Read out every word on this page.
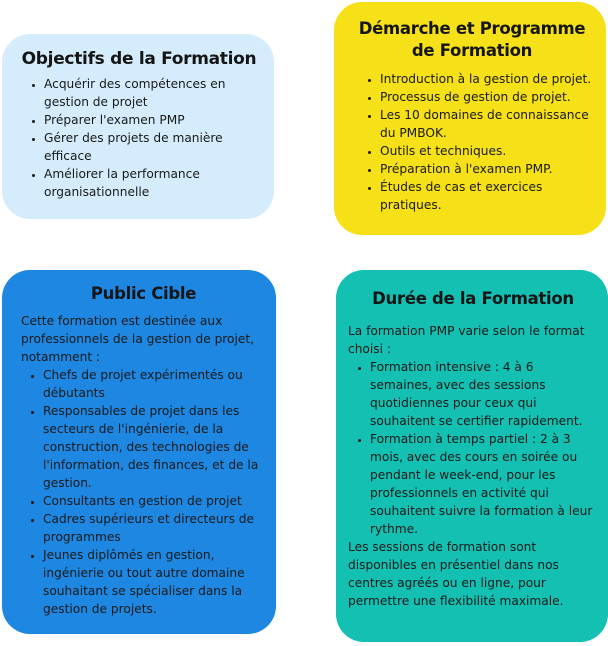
Objectifs de la Formation
• Acquérir des compétences en gestion de projet
• Préparer l'examen PMP
• Gérer des projets de manière efficace
• Améliorer la performance organisationnelle
Démarche et Programme de Formation
• Introduction à la gestion de projet.
• Processus de gestion de projet.
• Les 10 domaines de connaissance du PMBOK.
• Outils et techniques.
• Préparation à l'examen PMP.
• Études de cas et exercices pratiques.
Public Cible

Cette formation est destinée aux professionnels de la gestion de projet, notamment :

• Chefs de projet expérimentés ou débutants
• Responsables de projet dans les secteurs de l'ingénierie, de la construction, des technologies de l'information, des finances, et de la gestion.
• Consultants en gestion de projet
• Cadres supérieurs et directeurs de programmes
• Jeunes diplômés en gestion, ingénierie ou tout autre domaine souhaitant se spécialiser dans la gestion de projets.
Durée de la Formation

La formation PMP varie selon le format choisi :

• Formation intensive : 4 à 6 semaines, avec des sessions quotidiennes pour ceux qui souhaitent se certifier rapidement.
• Formation à temps partiel : 2 à 3 mois, avec des cours en soirée ou pendant le week-end, pour les professionnels en activité qui souhaitent suivre la formation à leur rythme.

Les sessions de formation sont disponibles en présentiel dans nos centres agréés ou en ligne, pour permettre une flexibilité maximale.
